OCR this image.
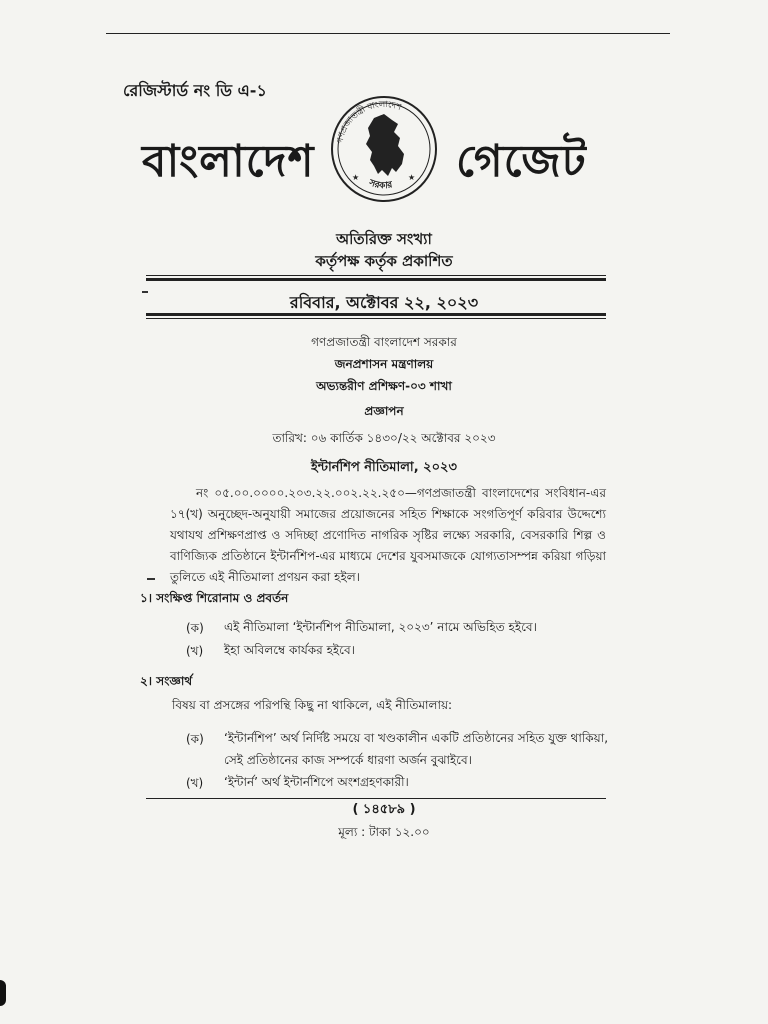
রেজিস্টার্ড নং ডি এ-১
বাংলাদেশ	গেজেট
গণপ্রজাতন্ত্রী বাংলাদেশ
সরকার
★	★
অতিরিক্ত সংখ্যা
কর্তৃপক্ষ কর্তৃক প্রকাশিত
রবিবার, অক্টোবর ২২, ২০২৩
গণপ্রজাতন্ত্রী বাংলাদেশ সরকার
জনপ্রশাসন মন্ত্রণালয়
অভ্যন্তরীণ প্রশিক্ষণ-০৩ শাখা
প্রজ্ঞাপন
তারিখ: ০৬ কার্তিক ১৪৩০/২২ অক্টোবর ২০২৩
ইন্টার্নশিপ নীতিমালা, ২০২৩
নং ০৫.০০.০০০০.২০৩.২২.০০২.২২.২৫০—গণপ্রজাতন্ত্রী বাংলাদেশের সংবিধান-এর ১৭(খ) অনুচ্ছেদ-অনুযায়ী সমাজের প্রয়োজনের সহিত শিক্ষাকে সংগতিপূর্ণ করিবার উদ্দেশ্যে যথাযথ প্রশিক্ষণপ্রাপ্ত ও সদিচ্ছা প্রণোদিত নাগরিক সৃষ্টির লক্ষ্যে সরকারি, বেসরকারি শিল্প ও বাণিজ্যিক প্রতিষ্ঠানে ইন্টার্নশিপ-এর মাধ্যমে দেশের যুবসমাজকে যোগ্যতাসম্পন্ন করিয়া গড়িয়া তুলিতে এই নীতিমালা প্রণয়ন করা হইল।
১। সংক্ষিপ্ত শিরোনাম ও প্রবর্তন
(ক) এই নীতিমালা ‘ইন্টার্নশিপ নীতিমালা, ২০২৩’ নামে অভিহিত হইবে।
(খ) ইহা অবিলম্বে কার্যকর হইবে।
২। সংজ্ঞার্থ
বিষয় বা প্রসঙ্গের পরিপন্থি কিছু না থাকিলে, এই নীতিমালায়:
(ক) ‘ইন্টার্নশিপ’ অর্থ নির্দিষ্ট সময়ে বা খণ্ডকালীন একটি প্রতিষ্ঠানের সহিত যুক্ত থাকিয়া, সেই প্রতিষ্ঠানের কাজ সম্পর্কে ধারণা অর্জন বুঝাইবে।
(খ) ‘ইন্টার্ন’ অর্থ ইন্টার্নশিপে অংশগ্রহণকারী।
( ১৪৫৮৯ )
মূল্য : টাকা ১২.০০
